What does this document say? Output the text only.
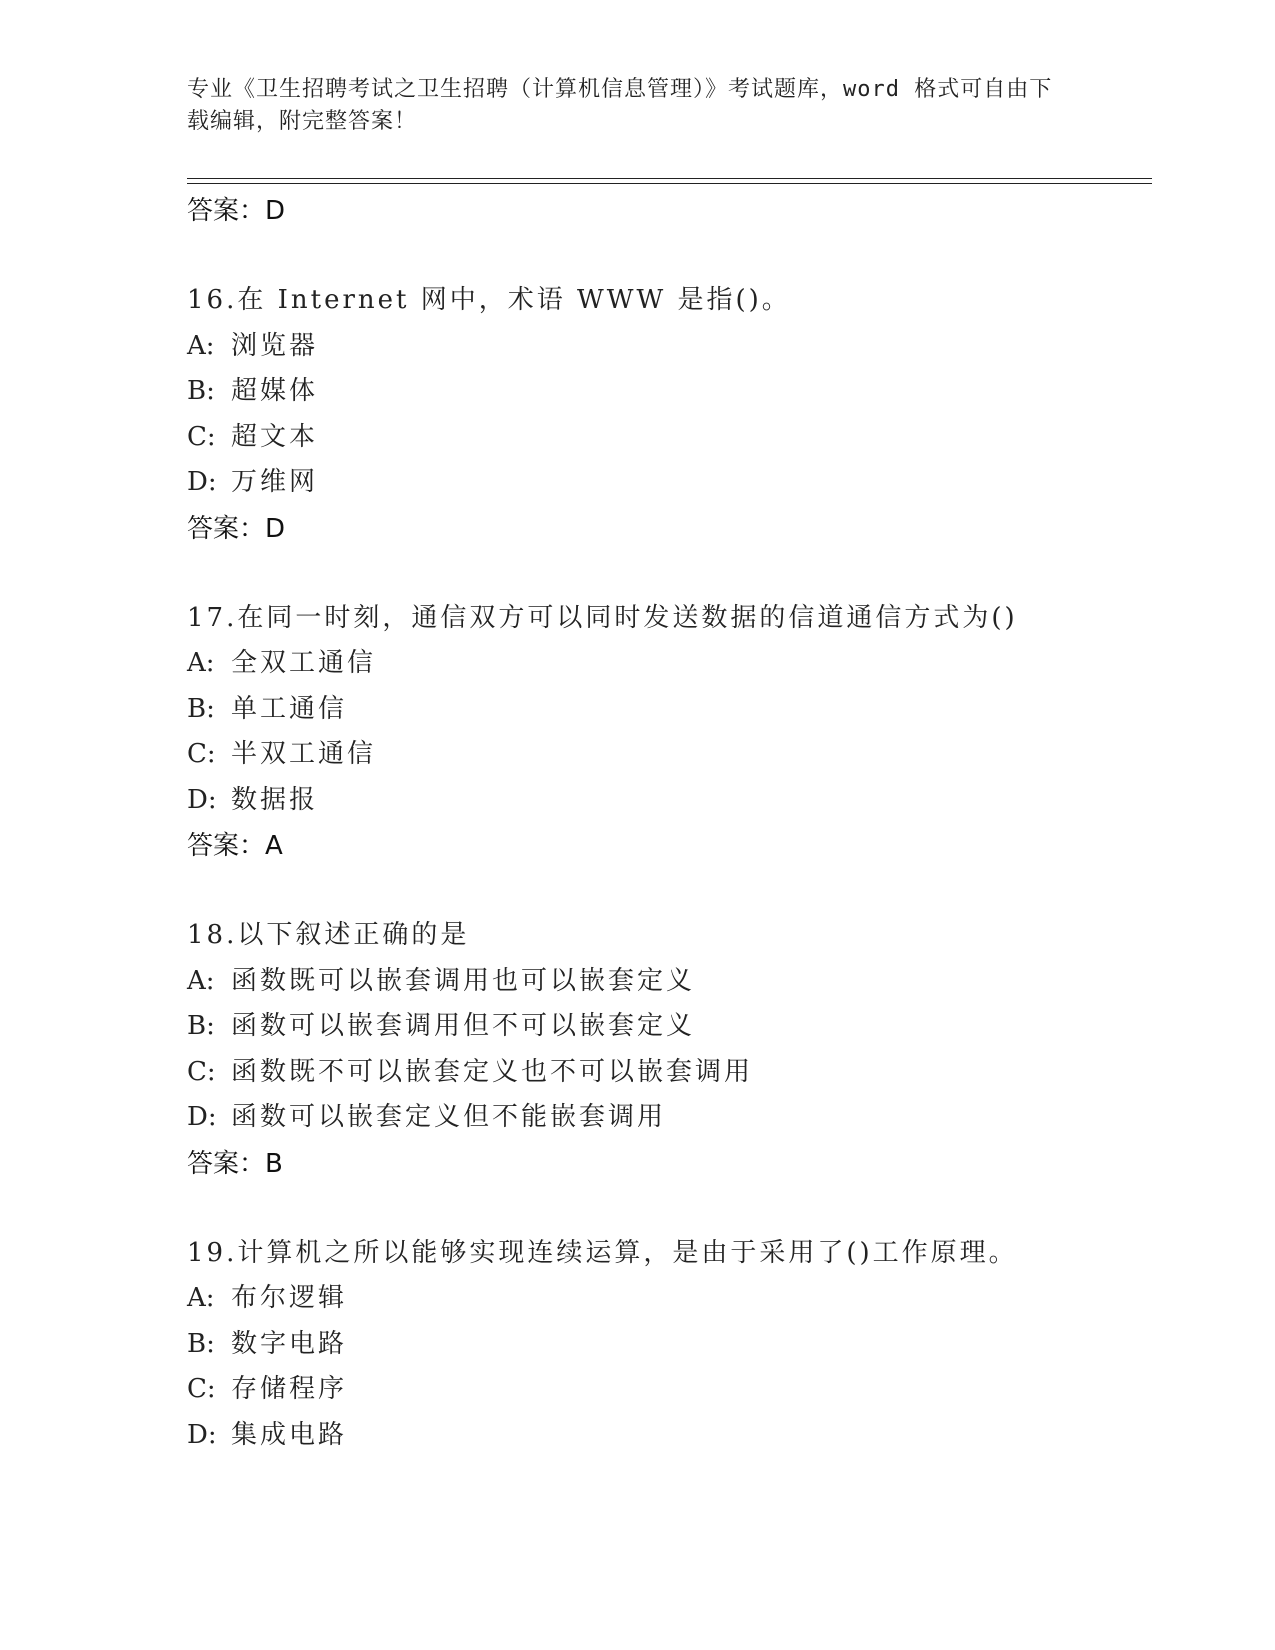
专业《卫生招聘考试之卫生招聘（计算机信息管理）》考试题库，word 格式可自由下载编辑，附完整答案！
答案：D
16.在 Internet 网中，术语 WWW 是指()。
A: 浏览器
B: 超媒体
C: 超文本
D: 万维网
答案：D
17.在同一时刻，通信双方可以同时发送数据的信道通信方式为()
A: 全双工通信
B: 单工通信
C: 半双工通信
D: 数据报
答案：A
18.以下叙述正确的是
A: 函数既可以嵌套调用也可以嵌套定义
B: 函数可以嵌套调用但不可以嵌套定义
C: 函数既不可以嵌套定义也不可以嵌套调用
D: 函数可以嵌套定义但不能嵌套调用
答案：B
19.计算机之所以能够实现连续运算，是由于采用了()工作原理。
A: 布尔逻辑
B: 数字电路
C: 存储程序
D: 集成电路
